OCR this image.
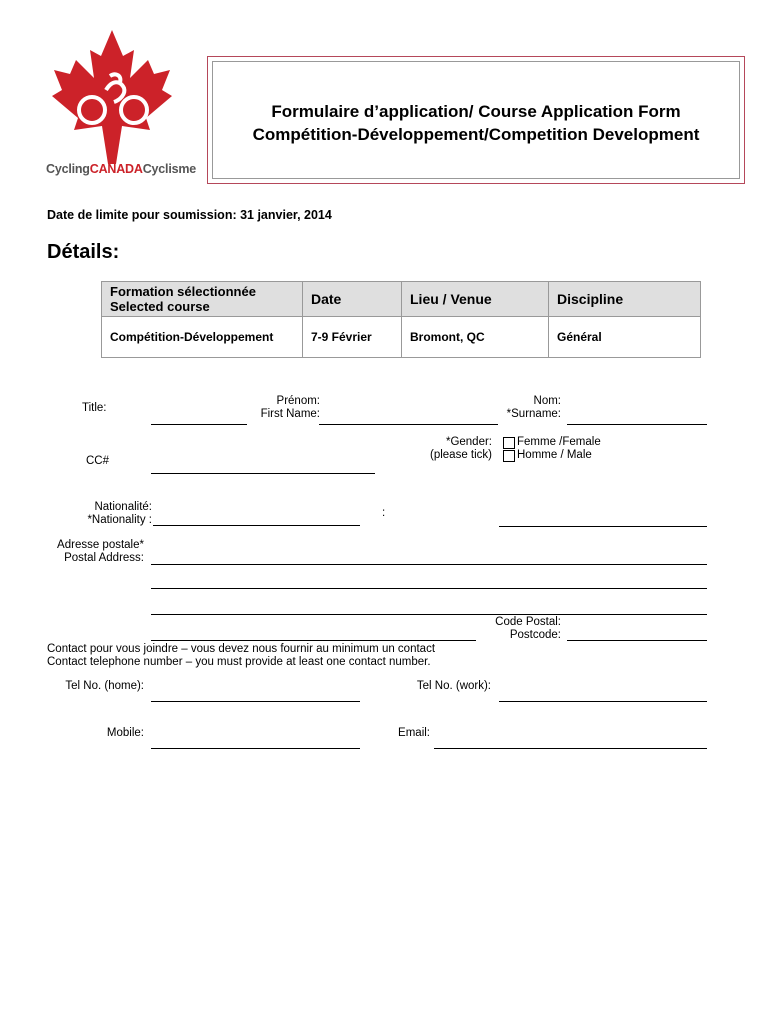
CyclingCANADACyclisme
Formulaire d’application/ Course Application Form
Compétition-Développement/Competition Development
Date de limite pour soumission: 31 janvier, 2014
Détails:
Formation sélectionnée
Selected course	Date	Lieu / Venue	Discipline
Compétition-Développement	7-9 Février	Bromont, QC	Général
Title:
Prénom:
First Name:
Nom:
*Surname:
*Gender:
(please tick)
Femme /Female
Homme / Male
CC#
Nationalité:
*Nationality :
:
Adresse postale*
Postal Address:
Code Postal:
Postcode:
Contact pour vous joindre – vous devez nous fournir au minimum un contact
Contact telephone number – you must provide at least one contact number.
Tel No. (home):	Tel No. (work):
Mobile:	Email:
